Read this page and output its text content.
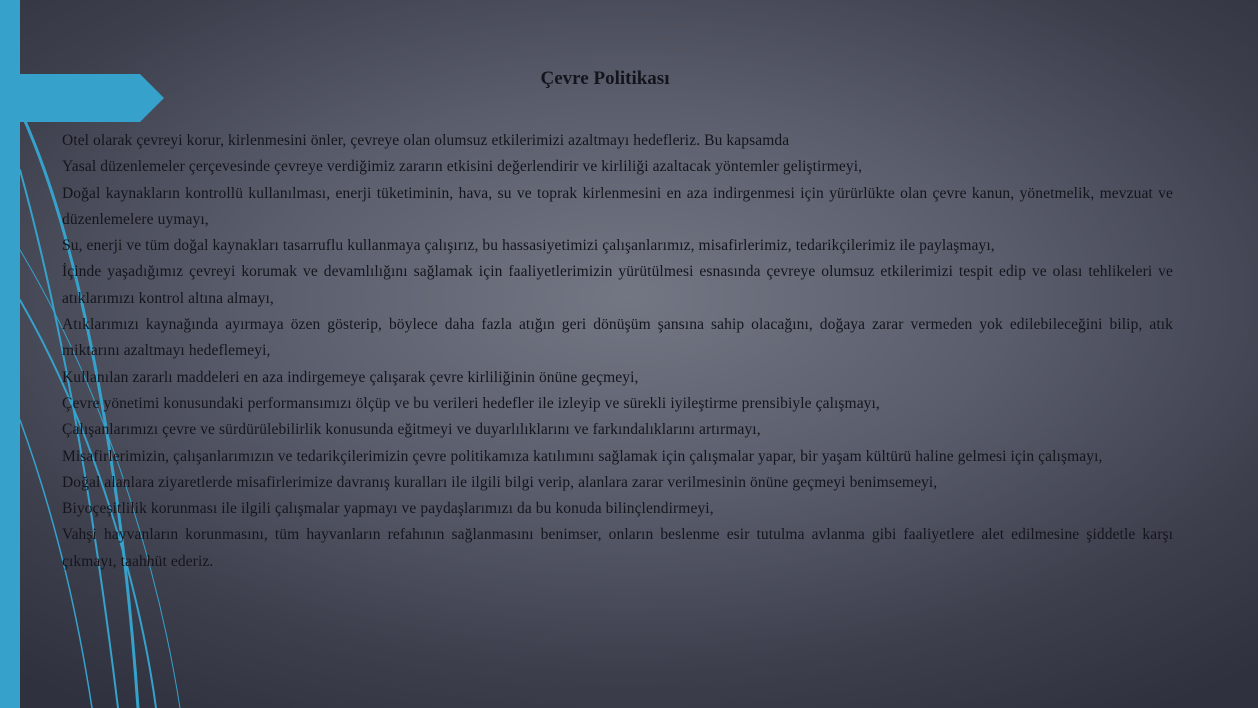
Çevre Politikası

Otel olarak çevreyi korur, kirlenmesini önler, çevreye olan olumsuz etkilerimizi azaltmayı hedefleriz. Bu kapsamda

Yasal düzenlemeler çerçevesinde çevreye verdiğimiz zararın etkisini değerlendirir ve kirliliği azaltacak yöntemler geliştirmeyi,

Doğal kaynakların kontrollü kullanılması, enerji tüketiminin, hava, su ve toprak kirlenmesini en aza indirgenmesi için yürürlükte olan çevre kanun, yönetmelik, mevzuat ve düzenlemelere uymayı,

Su, enerji ve tüm doğal kaynakları tasarruflu kullanmaya çalışırız, bu hassasiyetimizi çalışanlarımız, misafirlerimiz, tedarikçilerimiz ile paylaşmayı,

İçinde yaşadığımız çevreyi korumak ve devamlılığını sağlamak için faaliyetlerimizin yürütülmesi esnasında çevreye olumsuz etkilerimizi tespit edip ve olası tehlikeleri ve atıklarımızı kontrol altına almayı,

Atıklarımızı kaynağında ayırmaya özen gösterip, böylece daha fazla atığın geri dönüşüm şansına sahip olacağını, doğaya zarar vermeden yok edilebileceğini bilip, atık miktarını azaltmayı hedeflemeyi,

Kullanılan zararlı maddeleri en aza indirgemeye çalışarak çevre kirliliğinin önüne geçmeyi,

Çevre yönetimi konusundaki performansımızı ölçüp ve bu verileri hedefler ile izleyip ve sürekli iyileştirme prensibiyle çalışmayı,

Çalışanlarımızı çevre ve sürdürülebilirlik konusunda eğitmeyi ve duyarlılıklarını ve farkındalıklarını artırmayı,

Misafirlerimizin, çalışanlarımızın ve tedarikçilerimizin çevre politikamıza katılımını sağlamak için çalışmalar yapar, bir yaşam kültürü haline gelmesi için çalışmayı,

Doğal alanlara ziyaretlerde misafirlerimize davranış kuralları ile ilgili bilgi verip, alanlara zarar verilmesinin önüne geçmeyi benimsemeyi,

Biyoçeşitlilik korunması ile ilgili çalışmalar yapmayı ve paydaşlarımızı da bu konuda bilinçlendirmeyi,

Vahşi hayvanların korunmasını, tüm hayvanların refahının sağlanmasını benimser, onların beslenme esir tutulma avlanma gibi faaliyetlere alet edilmesine şiddetle karşı çıkmayı, taahhüt ederiz.
